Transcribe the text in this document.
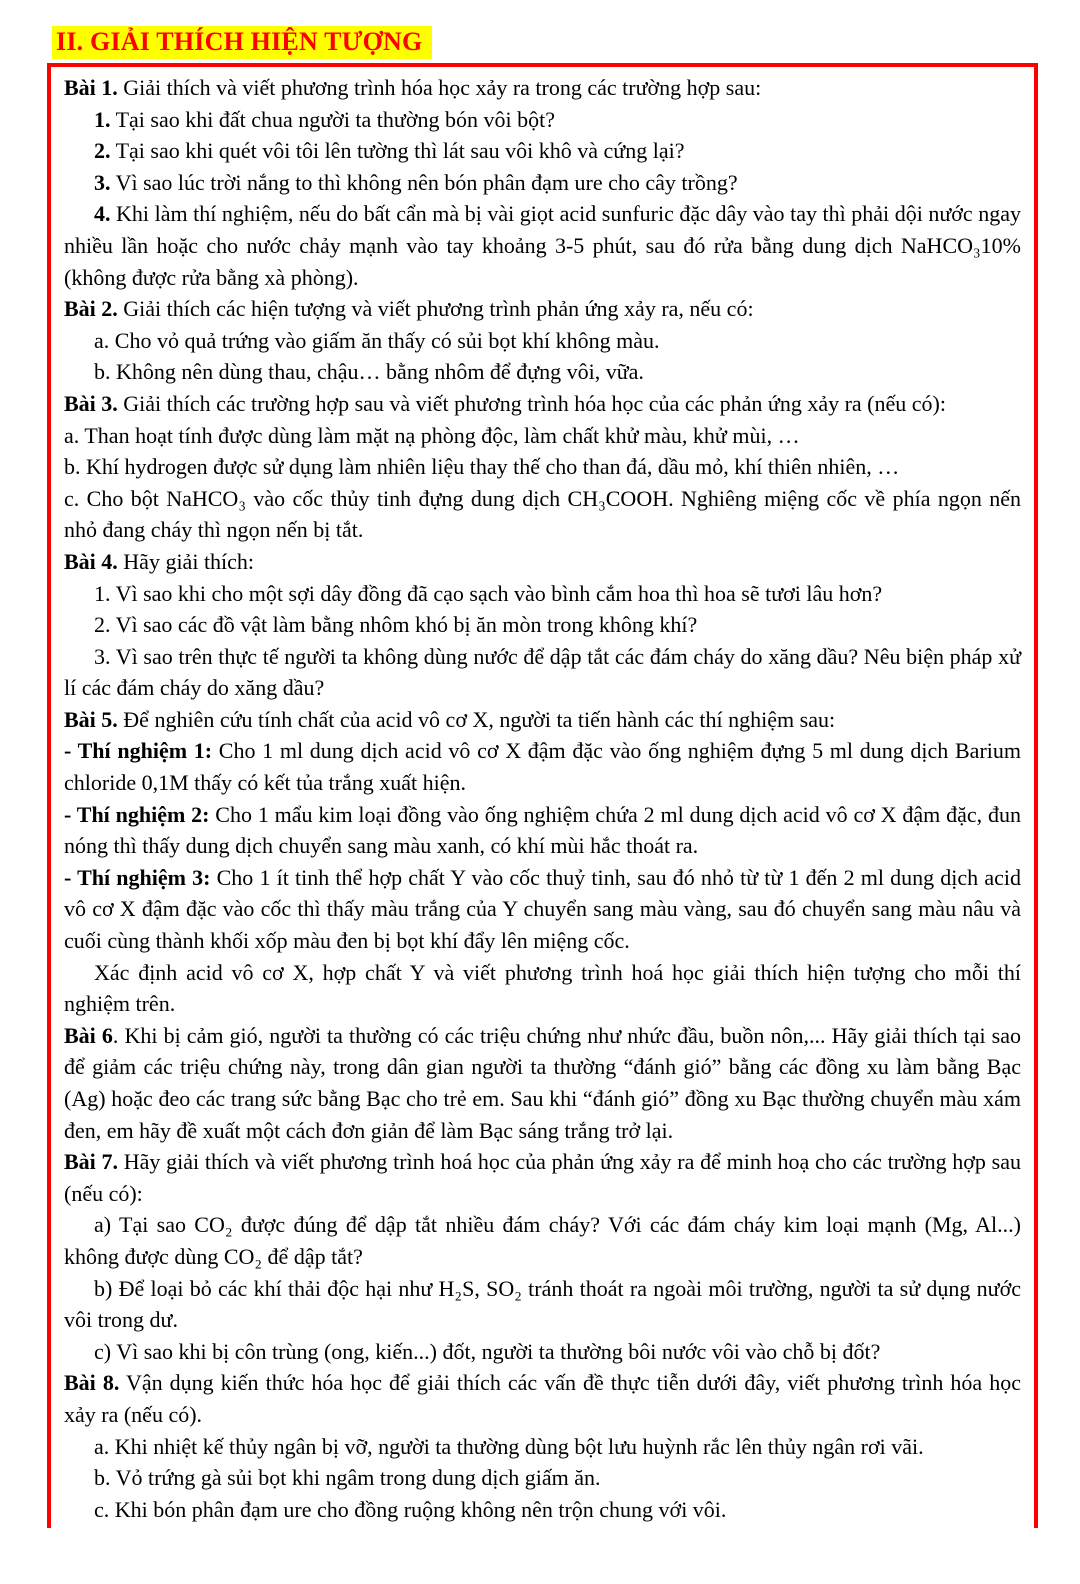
II. GIẢI THÍCH HIỆN TƯỢNG

Bài 1. Giải thích và viết phương trình hóa học xảy ra trong các trường hợp sau:

1. Tại sao khi đất chua người ta thường bón vôi bột?

2. Tại sao khi quét vôi tôi lên tường thì lát sau vôi khô và cứng lại?

3. Vì sao lúc trời nắng to thì không nên bón phân đạm ure cho cây trồng?

4. Khi làm thí nghiệm, nếu do bất cẩn mà bị vài giọt acid sunfuric đặc dây vào tay thì phải dội nước ngay nhiều lần hoặc cho nước chảy mạnh vào tay khoảng 3-5 phút, sau đó rửa bằng dung dịch NaHCO₃10% (không được rửa bằng xà phòng).

Bài 2. Giải thích các hiện tượng và viết phương trình phản ứng xảy ra, nếu có:

a. Cho vỏ quả trứng vào giấm ăn thấy có sủi bọt khí không màu.

b. Không nên dùng thau, chậu… bằng nhôm để đựng vôi, vữa.

Bài 3. Giải thích các trường hợp sau và viết phương trình hóa học của các phản ứng xảy ra (nếu có):

a. Than hoạt tính được dùng làm mặt nạ phòng độc, làm chất khử màu, khử mùi, …

b. Khí hydrogen được sử dụng làm nhiên liệu thay thế cho than đá, dầu mỏ, khí thiên nhiên, …

c. Cho bột NaHCO₃ vào cốc thủy tinh đựng dung dịch CH₃COOH. Nghiêng miệng cốc về phía ngọn nến nhỏ đang cháy thì ngọn nến bị tắt.

Bài 4. Hãy giải thích:

1. Vì sao khi cho một sợi dây đồng đã cạo sạch vào bình cắm hoa thì hoa sẽ tươi lâu hơn?

2. Vì sao các đồ vật làm bằng nhôm khó bị ăn mòn trong không khí?

3. Vì sao trên thực tế người ta không dùng nước để dập tắt các đám cháy do xăng dầu? Nêu biện pháp xử lí các đám cháy do xăng dầu?

Bài 5. Để nghiên cứu tính chất của acid vô cơ X, người ta tiến hành các thí nghiệm sau:

- Thí nghiệm 1: Cho 1 ml dung dịch acid vô cơ X đậm đặc vào ống nghiệm đựng 5 ml dung dịch Barium chloride 0,1M thấy có kết tủa trắng xuất hiện.

- Thí nghiệm 2: Cho 1 mẩu kim loại đồng vào ống nghiệm chứa 2 ml dung dịch acid vô cơ X đậm đặc, đun nóng thì thấy dung dịch chuyển sang màu xanh, có khí mùi hắc thoát ra.

- Thí nghiệm 3: Cho 1 ít tinh thể hợp chất Y vào cốc thuỷ tinh, sau đó nhỏ từ từ 1 đến 2 ml dung dịch acid vô cơ X đậm đặc vào cốc thì thấy màu trắng của Y chuyển sang màu vàng, sau đó chuyển sang màu nâu và cuối cùng thành khối xốp màu đen bị bọt khí đẩy lên miệng cốc.

Xác định acid vô cơ X, hợp chất Y và viết phương trình hoá học giải thích hiện tượng cho mỗi thí nghiệm trên.

Bài 6. Khi bị cảm gió, người ta thường có các triệu chứng như nhức đầu, buồn nôn,... Hãy giải thích tại sao để giảm các triệu chứng này, trong dân gian người ta thường “đánh gió” bằng các đồng xu làm bằng Bạc (Ag) hoặc đeo các trang sức bằng Bạc cho trẻ em. Sau khi “đánh gió” đồng xu Bạc thường chuyển màu xám đen, em hãy đề xuất một cách đơn giản để làm Bạc sáng trắng trở lại.

Bài 7. Hãy giải thích và viết phương trình hoá học của phản ứng xảy ra để minh hoạ cho các trường hợp sau (nếu có):

a) Tại sao CO₂ được đúng để dập tắt nhiều đám cháy? Với các đám cháy kim loại mạnh (Mg, Al...) không được dùng CO₂ để dập tắt?

b) Để loại bỏ các khí thải độc hại như H₂S, SO₂ tránh thoát ra ngoài môi trường, người ta sử dụng nước vôi trong dư.

c) Vì sao khi bị côn trùng (ong, kiến...) đốt, người ta thường bôi nước vôi vào chỗ bị đốt?

Bài 8. Vận dụng kiến thức hóa học để giải thích các vấn đề thực tiễn dưới đây, viết phương trình hóa học xảy ra (nếu có).

a. Khi nhiệt kế thủy ngân bị vỡ, người ta thường dùng bột lưu huỳnh rắc lên thủy ngân rơi vãi.

b. Vỏ trứng gà sủi bọt khi ngâm trong dung dịch giấm ăn.

c. Khi bón phân đạm ure cho đồng ruộng không nên trộn chung với vôi.
